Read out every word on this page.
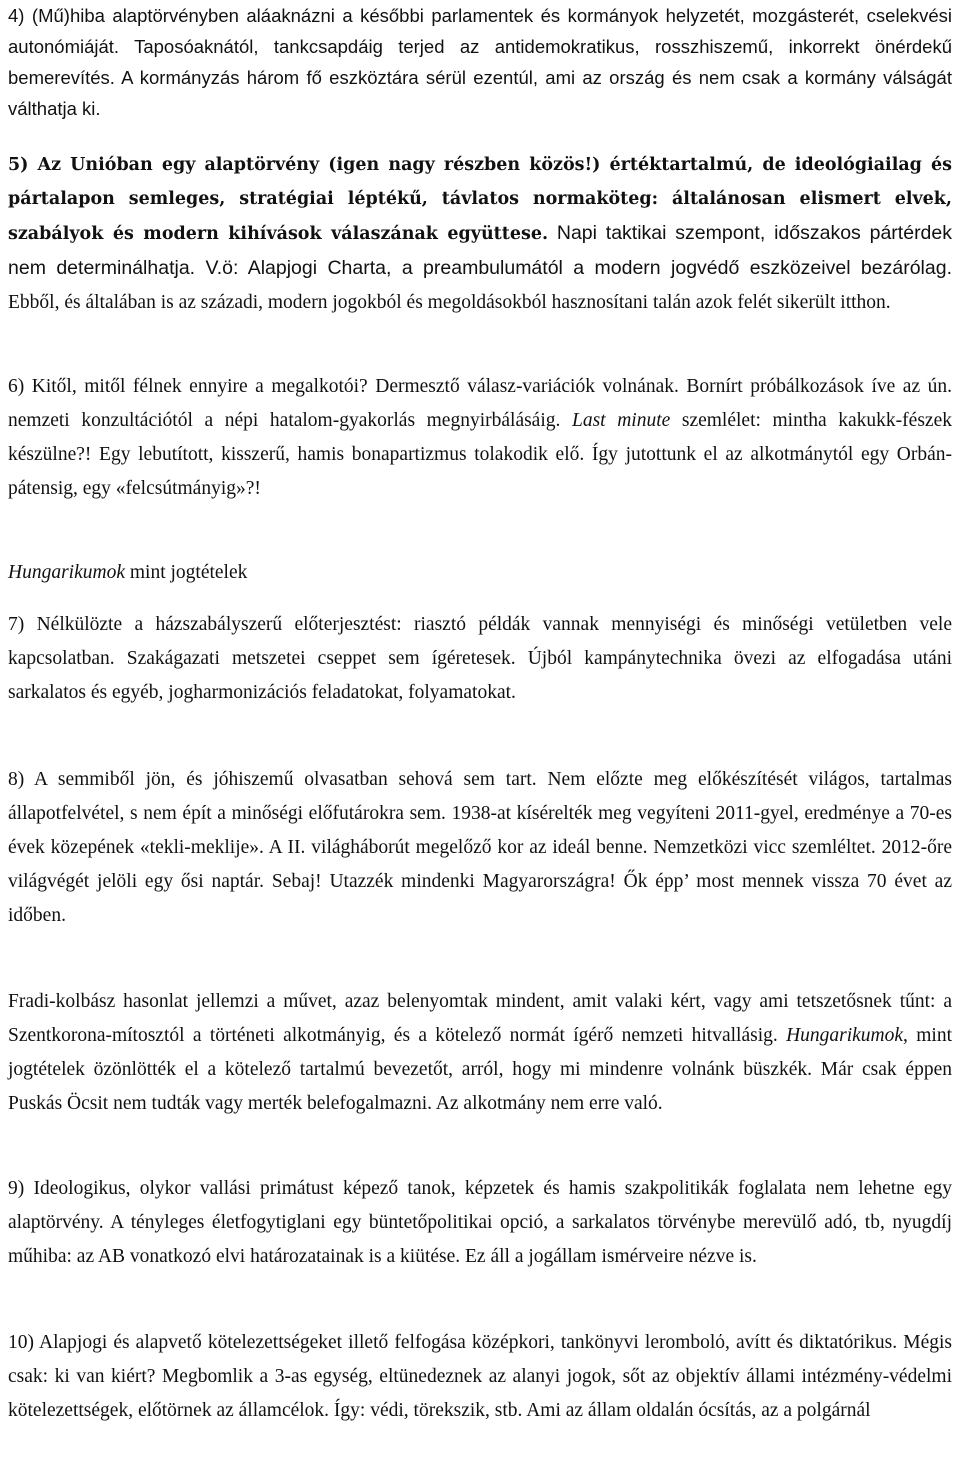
4) (Mű)hiba alaptörvényben aláaknázni a későbbi parlamentek és kormányok helyzetét, mozgásterét, cselekvési autonómiáját. Taposóaknától, tankcsapdáig terjed az antidemokratikus, rosszhiszemű, inkorrekt önérdekű bemerevítés. A kormányzás három fő eszköztára sérül ezentúl, ami az ország és nem csak a kormány válságát válthatja ki.

5) Az Unióban egy alaptörvény (igen nagy részben közös!) értéktartalmú, de ideológiailag és pártalapon semleges, stratégiai léptékű, távlatos normaköteg: általánosan elismert elvek, szabályok és modern kihívások válaszának együttese. Napi taktikai szempont, időszakos pártérdek nem determinálhatja. V.ö: Alapjogi Charta, a preambulumától a modern jogvédő eszközeivel bezárólag. Ebből, és általában is az századi, modern jogokból és megoldásokból hasznosítani talán azok felét sikerült itthon.

6) Kitől, mitől félnek ennyire a megalkotói? Dermesztő válasz-variációk volnának. Bornírt próbálkozások íve az ún. nemzeti konzultációtól a népi hatalom-gyakorlás megnyirbálásáig. Last minute szemlélet: mintha kakukk-fészek készülne?! Egy lebutított, kisszerű, hamis bonapartizmus tolakodik elő. Így jutottunk el az alkotmánytól egy Orbán-pátensig, egy «felcsútmányig»?!

Hungarikumok mint jogtételek

7) Nélkülözte a házszabályszerű előterjesztést: riasztó példák vannak mennyiségi és minőségi vetületben vele kapcsolatban. Szakágazati metszetei cseppet sem ígéretesek. Újból kampánytechnika övezi az elfogadása utáni sarkalatos és egyéb, jogharmonizációs feladatokat, folyamatokat.

8) A semmiből jön, és jóhiszemű olvasatban sehová sem tart. Nem előzte meg előkészítését világos, tartalmas állapotfelvétel, s nem épít a minőségi előfutárokra sem. 1938-at kísérelték meg vegyíteni 2011-gyel, eredménye a 70-es évek közepének «tekli-meklije». A II. világháborút megelőző kor az ideál benne. Nemzetközi vicc szemléltet. 2012-őre világvégét jelöli egy ősi naptár. Sebaj! Utazzék mindenki Magyarországra! Ők épp’ most mennek vissza 70 évet az időben.

Fradi-kolbász hasonlat jellemzi a művet, azaz belenyomtak mindent, amit valaki kért, vagy ami tetszetősnek tűnt: a Szentkorona-mítosztól a történeti alkotmányig, és a kötelező normát ígérő nemzeti hitvallásig. Hungarikumok, mint jogtételek özönlötték el a kötelező tartalmú bevezetőt, arról, hogy mi mindenre volnánk büszkék. Már csak éppen Puskás Öcsit nem tudták vagy merték belefogalmazni. Az alkotmány nem erre való.

9) Ideologikus, olykor vallási primátust képező tanok, képzetek és hamis szakpolitikák foglalata nem lehetne egy alaptörvény. A tényleges életfogytiglani egy büntetőpolitikai opció, a sarkalatos törvénybe merevülő adó, tb, nyugdíj műhiba: az AB vonatkozó elvi határozatainak is a kiütése. Ez áll a jogállam ismérveire nézve is.

10) Alapjogi és alapvető kötelezettségeket illető felfogása középkori, tankönyvi lerombolό, avítt és diktatórikus. Mégis csak: ki van kiért? Megbomlik a 3-as egység, eltünedeznek az alanyi jogok, sőt az objektív állami intézmény-védelmi kötelezettségek, előtörnek az államcélok. Így: védi, törekszik, stb. Ami az állam oldalán ócsítás, az a polgárnál
